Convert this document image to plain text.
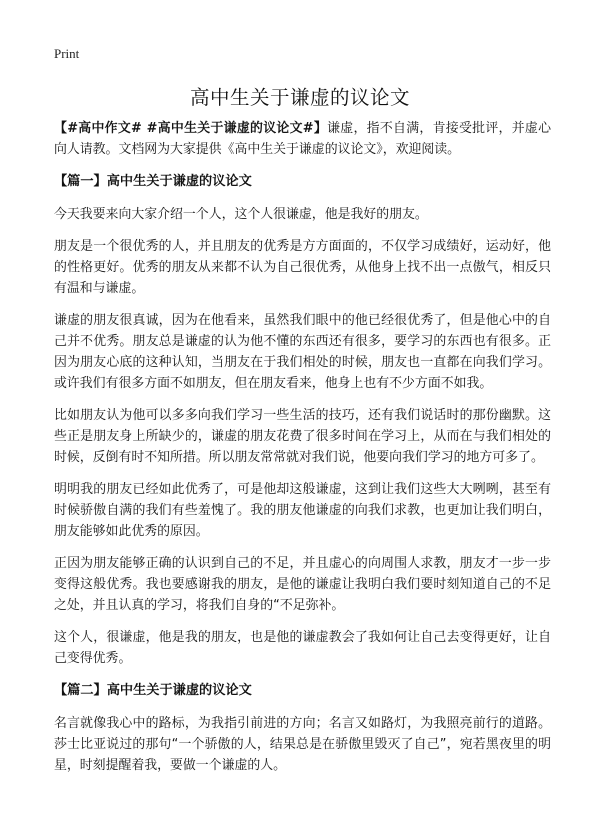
Print
高中生关于谦虚的议论文

【#高中作文# #高中生关于谦虚的议论文#】谦虚，指不自满，肯接受批评，并虚心向人请教。文档网为大家提供《高中生关于谦虚的议论文》，欢迎阅读。

【篇一】高中生关于谦虚的议论文

今天我要来向大家介绍一个人，这个人很谦虚，他是我好的朋友。

朋友是一个很优秀的人，并且朋友的优秀是方方面面的，不仅学习成绩好，运动好，他的性格更好。优秀的朋友从来都不认为自己很优秀，从他身上找不出一点傲气，相反只有温和与谦虚。

谦虚的朋友很真诚，因为在他看来，虽然我们眼中的他已经很优秀了，但是他心中的自己并不优秀。朋友总是谦虚的认为他不懂的东西还有很多，要学习的东西也有很多。正因为朋友心底的这种认知，当朋友在于我们相处的时候，朋友也一直都在向我们学习。或许我们有很多方面不如朋友，但在朋友看来，他身上也有不少方面不如我。

比如朋友认为他可以多多向我们学习一些生活的技巧，还有我们说话时的那份幽默。这些正是朋友身上所缺少的，谦虚的朋友花费了很多时间在学习上，从而在与我们相处的时候，反倒有时不知所措。所以朋友常常就对我们说，他要向我们学习的地方可多了。

明明我的朋友已经如此优秀了，可是他却这般谦虚，这到让我们这些大大咧咧，甚至有时候骄傲自满的我们有些羞愧了。我的朋友他谦虚的向我们求教，也更加让我们明白，朋友能够如此优秀的原因。

正因为朋友能够正确的认识到自己的不足，并且虚心的向周围人求教，朋友才一步一步变得这般优秀。我也要感谢我的朋友，是他的谦虚让我明白我们要时刻知道自己的不足之处，并且认真的学习，将我们自身的“不足弥补。

这个人，很谦虚，他是我的朋友，也是他的谦虚教会了我如何让自己去变得更好，让自己变得优秀。

【篇二】高中生关于谦虚的议论文

名言就像我心中的路标，为我指引前进的方向；名言又如路灯，为我照亮前行的道路。莎士比亚说过的那句“一个骄傲的人，结果总是在骄傲里毁灭了自己”，宛若黑夜里的明星，时刻提醒着我，要做一个谦虚的人。
